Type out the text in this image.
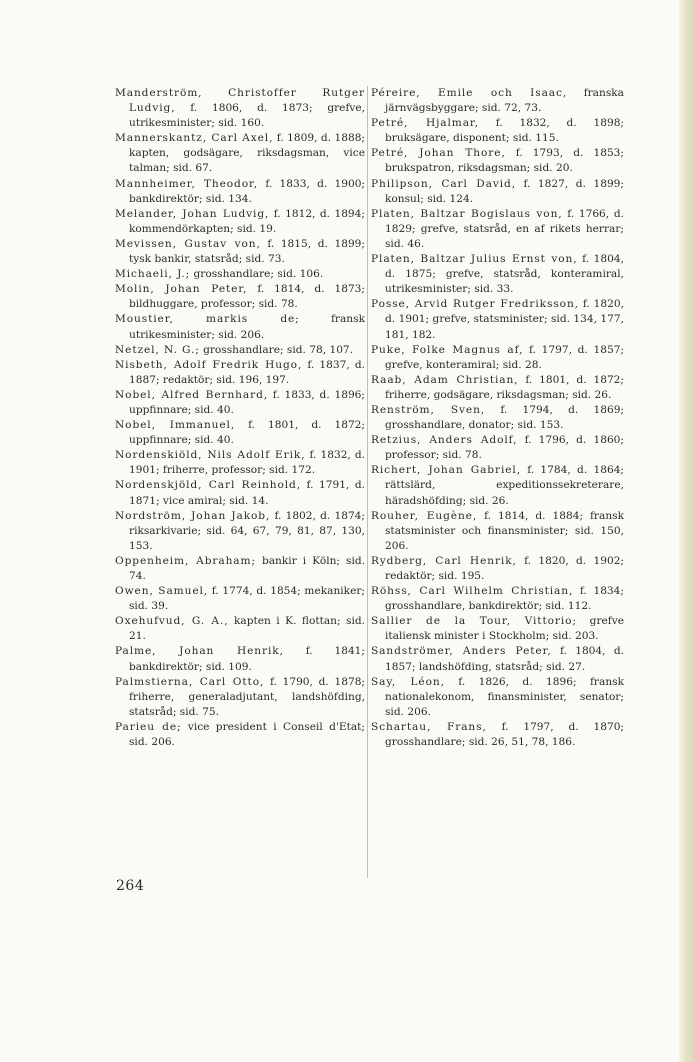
Manderström, Christoffer Rutger Ludvig, f. 1806, d. 1873; grefve, utrikesminister; sid. 160.

Mannerskantz, Carl Axel, f. 1809, d. 1888; kapten, godsägare, riksdagsman, vice talman; sid. 67.

Mannheimer, Theodor, f. 1833, d. 1900; bankdirektör; sid. 134.

Melander, Johan Ludvig, f. 1812, d. 1894; kommendörkapten; sid. 19.

Mevissen, Gustav von, f. 1815, d. 1899; tysk bankir, statsråd; sid. 73.

Michaeli, J.; grosshandlare; sid. 106.

Molin, Johan Peter, f. 1814, d. 1873; bildhuggare, professor; sid. 78.

Moustier, markis de; fransk utrikesminister; sid. 206.

Netzel, N. G.; grosshandlare; sid. 78, 107.

Nisbeth, Adolf Fredrik Hugo, f. 1837, d. 1887; redaktör; sid. 196, 197.

Nobel, Alfred Bernhard, f. 1833, d. 1896; uppfinnare; sid. 40.

Nobel, Immanuel, f. 1801, d. 1872; uppfinnare; sid. 40.

Nordenskiöld, Nils Adolf Erik, f. 1832, d. 1901; friherre, professor; sid. 172.

Nordenskjöld, Carl Reinhold, f. 1791, d. 1871; vice amiral; sid. 14.

Nordström, Johan Jakob, f. 1802, d. 1874; riksarkivarie; sid. 64, 67, 79, 81, 87, 130, 153.

Oppenheim, Abraham; bankir i Köln; sid. 74.

Owen, Samuel, f. 1774, d. 1854; mekaniker; sid. 39.

Oxehufvud, G. A., kapten i K. flottan; sid. 21.

Palme, Johan Henrik, f. 1841; bankdirektör; sid. 109.

Palmstierna, Carl Otto, f. 1790, d. 1878; friherre, generaladjutant, landshöfding, statsråd; sid. 75.

Parieu de; vice president i Conseil d'Etat; sid. 206.

Péreire, Emile och Isaac, franska järnvägsbyggare; sid. 72, 73.

Petré, Hjalmar, f. 1832, d. 1898; bruksägare, disponent; sid. 115.

Petré, Johan Thore, f. 1793, d. 1853; brukspatron, riksdagsman; sid. 20.

Philipson, Carl David, f. 1827, d. 1899; konsul; sid. 124.

Platen, Baltzar Bogislaus von, f. 1766, d. 1829; grefve, statsråd, en af rikets herrar; sid. 46.

Platen, Baltzar Julius Ernst von, f. 1804, d. 1875; grefve, statsråd, konteramiral, utrikesminister; sid. 33.

Posse, Arvid Rutger Fredriksson, f. 1820, d. 1901; grefve, statsminister; sid. 134, 177, 181, 182.

Puke, Folke Magnus af, f. 1797, d. 1857; grefve, konteramiral; sid. 28.

Raab, Adam Christian, f. 1801, d. 1872; friherre, godsägare, riksdagsman; sid. 26.

Renström, Sven, f. 1794, d. 1869; grosshandlare, donator; sid. 153.

Retzius, Anders Adolf, f. 1796, d. 1860; professor; sid. 78.

Richert, Johan Gabriel, f. 1784, d. 1864; rättslärd, expeditionssekreterare, häradshöfding; sid. 26.

Rouher, Eugène, f. 1814, d. 1884; fransk statsminister och finansminister; sid. 150, 206.

Rydberg, Carl Henrik, f. 1820, d. 1902; redaktör; sid. 195.

Röhss, Carl Wilhelm Christian, f. 1834; grosshandlare, bankdirektör; sid. 112.

Sallier de la Tour, Vittorio; grefve italiensk minister i Stockholm; sid. 203.

Sandströmer, Anders Peter, f. 1804, d. 1857; landshöfding, statsråd; sid. 27.

Say, Léon, f. 1826, d. 1896; fransk nationalekonom, finansminister, senator; sid. 206.

Schartau, Frans, f. 1797, d. 1870; grosshandlare; sid. 26, 51, 78, 186.

264
